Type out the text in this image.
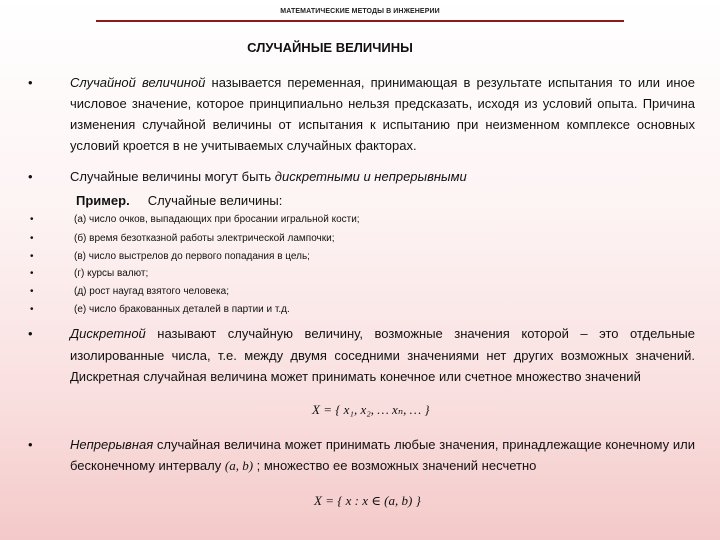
МАТЕМАТИЧЕСКИЕ МЕТОДЫ В ИНЖЕНЕРИИ
СЛУЧАЙНЫЕ ВЕЛИЧИНЫ
•	Случайной величиной называется переменная, принимающая в результате испытания то или иное числовое значение, которое принципиально нельзя предсказать, исходя из условий опыта. Причина изменения случайной величины от испытания к испытанию при неизменном комплексе основных условий кроется в не учитываемых случайных факторах.
•	Случайные величины могут быть дискретными и непрерывными
Пример. Случайные величины:
•	(а) число очков, выпадающих при бросании игральной кости;
•	(б) время безотказной работы электрической лампочки;
•	(в) число выстрелов до первого попадания в цель;
•	(г) курсы валют;
•	(д) рост наугад взятого человека;
•	(е) число бракованных деталей в партии и т.д.
•	Дискретной называют случайную величину, возможные значения которой – это отдельные изолированные числа, т.е. между двумя соседними значениями нет других возможных значений. Дискретная случайная величина может принимать конечное или счетное множество значений
X = { x₁, x₂, … xₙ, … }
•	Непрерывная случайная величина может принимать любые значения, принадлежащие конечному или бесконечному интервалу (a, b) ; множество ее возможных значений несчетно
X = { x : x ∈ (a, b) }
